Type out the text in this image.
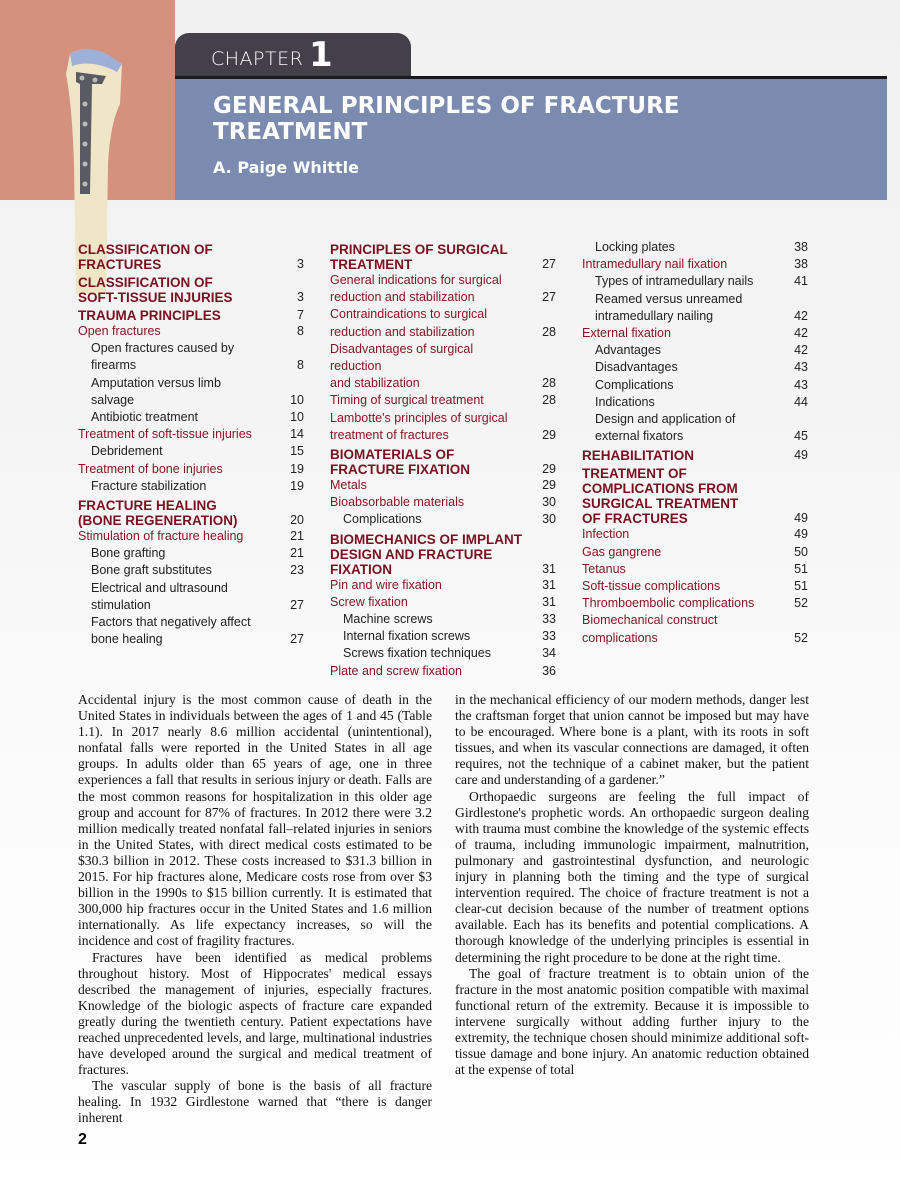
CHAPTER 1
GENERAL PRINCIPLES OF FRACTURE TREATMENT
A. Paige Whittle
CLASSIFICATION OF
FRACTURES	3
CLASSIFICATION OF
SOFT-TISSUE INJURIES	3
TRAUMA PRINCIPLES	7
Open fractures	8
Open fractures caused by
firearms	8
Amputation versus limb
salvage	10
Antibiotic treatment	10
Treatment of soft-tissue injuries	14
Debridement	15
Treatment of bone injuries	19
Fracture stabilization	19
FRACTURE HEALING
(BONE REGENERATION)	20
Stimulation of fracture healing	21
Bone grafting	21
Bone graft substitutes	23
Electrical and ultrasound stimulation	27
Factors that negatively affect
bone healing	27
PRINCIPLES OF SURGICAL
TREATMENT	27
General indications for surgical
reduction and stabilization	27
Contraindications to surgical
reduction and stabilization	28
Disadvantages of surgical reduction
and stabilization	28
Timing of surgical treatment	28
Lambotte's principles of surgical
treatment of fractures	29
BIOMATERIALS OF
FRACTURE FIXATION	29
Metals	29
Bioabsorbable materials	30
Complications	30
BIOMECHANICS OF IMPLANT
DESIGN AND FRACTURE
FIXATION	31
Pin and wire fixation	31
Screw fixation	31
Machine screws	33
Internal fixation screws	33
Screws fixation techniques	34
Plate and screw fixation	36
Locking plates	38
Intramedullary nail fixation	38
Types of intramedullary nails	41
Reamed versus unreamed
intramedullary nailing	42
External fixation	42
Advantages	42
Disadvantages	43
Complications	43
Indications	44
Design and application of
external fixators	45
REHABILITATION	49
TREATMENT OF
COMPLICATIONS FROM
SURGICAL TREATMENT
OF FRACTURES	49
Infection	49
Gas gangrene	50
Tetanus	51
Soft-tissue complications	51
Thromboembolic complications	52
Biomechanical construct
complications	52

Accidental injury is the most common cause of death in the United States in individuals between the ages of 1 and 45 (Table 1.1). In 2017 nearly 8.6 million accidental (unintentional), nonfatal falls were reported in the United States in all age groups. In adults older than 65 years of age, one in three experiences a fall that results in serious injury or death. Falls are the most common reasons for hospitalization in this older age group and account for 87% of fractures. In 2012 there were 3.2 million medically treated nonfatal fall–related injuries in seniors in the United States, with direct medical costs estimated to be $30.3 billion in 2012. These costs increased to $31.3 billion in 2015. For hip fractures alone, Medicare costs rose from over $3 billion in the 1990s to $15 billion currently. It is estimated that 300,000 hip fractures occur in the United States and 1.6 million internationally. As life expectancy increases, so will the incidence and cost of fragility fractures.

Fractures have been identified as medical problems throughout history. Most of Hippocrates' medical essays described the management of injuries, especially fractures. Knowledge of the biologic aspects of fracture care expanded greatly during the twentieth century. Patient expectations have reached unprecedented levels, and large, multinational industries have developed around the surgical and medical treatment of fractures.

The vascular supply of bone is the basis of all fracture healing. In 1932 Girdlestone warned that “there is danger inherent

in the mechanical efficiency of our modern methods, danger lest the craftsman forget that union cannot be imposed but may have to be encouraged. Where bone is a plant, with its roots in soft tissues, and when its vascular connections are damaged, it often requires, not the technique of a cabinet maker, but the patient care and understanding of a gardener.”

Orthopaedic surgeons are feeling the full impact of Girdlestone's prophetic words. An orthopaedic surgeon dealing with trauma must combine the knowledge of the systemic effects of trauma, including immunologic impairment, malnutrition, pulmonary and gastrointestinal dysfunction, and neurologic injury in planning both the timing and the type of surgical intervention required. The choice of fracture treatment is not a clear-cut decision because of the number of treatment options available. Each has its benefits and potential complications. A thorough knowledge of the underlying principles is essential in determining the right procedure to be done at the right time.

The goal of fracture treatment is to obtain union of the fracture in the most anatomic position compatible with maximal functional return of the extremity. Because it is impossible to intervene surgically without adding further injury to the extremity, the technique chosen should minimize additional soft-tissue damage and bone injury. An anatomic reduction obtained at the expense of total

2
